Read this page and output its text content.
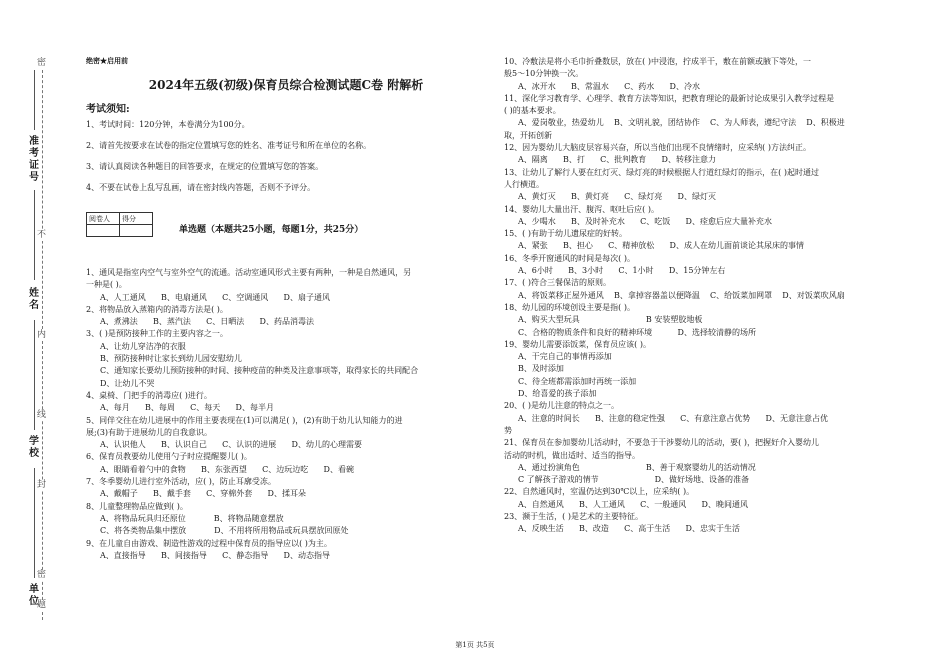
密
不
内
线
封
密
题
准考证号
姓名
学校
单位
绝密★启用前
2024年五级(初级)保育员综合检测试题C卷 附解析
考试须知:
1、考试时间：120分钟，本卷满分为100分。
2、请首先按要求在试卷的指定位置填写您的姓名、准考证号和所在单位的名称。
3、请认真阅读各种题目的回答要求，在规定的位置填写您的答案。
4、不要在试卷上乱写乱画，请在密封线内答题，否则不予评分。
阅卷人	得分

单选题（本题共25小题，每题1分，共25分）
1、通风是指室内空气与室外空气的流通。活动室通风形式主要有两种，一种是自然通风，另
一种是( )。
A、人工通风      B、电扇通风      C、空调通风      D、扇子通风
2、将物品放入蒸箱内的消毒方法是( )。
A、煮沸法      B、蒸汽法      C、日晒法      D、药品消毒法
3、( )是预防接种工作的主要内容之一。
A、让幼儿穿洁净的衣服
B、预防接种时让家长到幼儿园安慰幼儿
C、通知家长要幼儿预防接种的时间、接种疫苗的种类及注意事项等，取得家长的共同配合
D、让幼儿不哭
4、桌椅、门把手的消毒应( )进行。
A、每月      B、每周      C、每天      D、每半月
5、同伴交往在幼儿进展中的作用主要表现在(1)可以满足( )，(2)有助于幼儿认知能力的进
展;(3)有助于进展幼儿的自我意识。
A、认识他人      B、认识自己      C、认识的进展      D、幼儿的心理需要
6、保育员教要幼儿使用勺子时应提醒婴儿( )。
A、眼睛看着勺中的食物      B、东张西望      C、边玩边吃      D、看碗
7、冬季婴幼儿进行室外活动，应( )，防止耳廓受冻。
A、戴帽子      B、戴手套      C、穿棉外套      D、揉耳朵
8、儿童整理物品应做到( )。
A、将物品玩具归还原位           B、将物品随意摆放
C、将各类物品集中摆放           D、不用将所用物品或玩具摆放回原处
9、在儿童自由游戏、制造性游戏的过程中保育员的指导应以( )为主。
A、直接指导      B、间接指导      C、静态指导      D、动态指导
10、冷敷法是将小毛巾折叠数层，放在( )中浸泡，拧成半干，敷在前额或腋下等处，一
般5～10分钟换一次。
A、冰开水      B、常温水      C、药水      D、冷水
11、深化学习教育学、心理学、教育方法等知识，把教育理论的最新讨论成果引入教学过程是
( )的基本要求。
A、爱岗敬业，热爱幼儿    B、文明礼貌，团结协作    C、为人师表，遵纪守法    D、积极进
取，开拓创新
12、因为婴幼儿大脑皮层容易兴奋，所以当他们出现不良情绪时，应采纳( )方法纠正。
A、隔离      B、打      C、批判教育      D、转移注意力
13、让幼儿了解行人要在红灯灭、绿灯亮的时候根据人行道红绿灯的指示，在( )起时通过
人行横道。
A、黄灯灭      B、黄灯亮      C、绿灯亮      D、绿灯灭
14、婴幼儿大量出汗、腹泻、呕吐后应( )。
A、少喝水      B、及时补充水      C、吃饭      D、痊愈后应大量补充水
15、( )有助于幼儿遗尿症的好转。
A、紧张      B、担心      C、精神放松      D、成人在幼儿面前谈论其尿床的事情
16、冬季开窗通风的时间是每次( )。
A、6小时      B、3小时      C、1小时      D、15分钟左右
17、( )符合三餐保洁的原则。
A、将饭菜移正屋外通风    B、拿掉容器盖以便降温    C、给饭菜加网罩    D、对饭菜吹风扇
18、幼儿园的环境创设主要是指( )。
A、购买大型玩具                          B 安装塑胶地板
C、合格的物质条件和良好的精神环境          D、选择较清静的场所
19、婴幼儿需要添饭菜，保育员应该( )。
A、干完自己的事情再添加
B、及时添加
C、待全班都需添加时再统一添加
D、给喜爱的孩子添加
20、( )是幼儿注意的特点之一。
A、注意的时间长      B、注意的稳定性强      C、有意注意占优势      D、无意注意占优
势
21、保育员在参加婴幼儿活动时，不要急于干涉婴幼儿的活动，要( )，把握好介入婴幼儿
活动的时机，做出适时、适当的指导。
A、通过扮演角色                          B、善于观察婴幼儿的活动情况
C 了解孩子游戏的情节                      D、做好场地、设备的准备
22、自然通风时，室温仍达到30℃以上，应采纳( )。
A、自然通风      B、人工通风      C、一般通风      D、晚间通风
23、濒于生活，( )是艺术的主要特征。
A、反映生活      B、改造      C、高于生活      D、忠实于生活
第1页 共5页
